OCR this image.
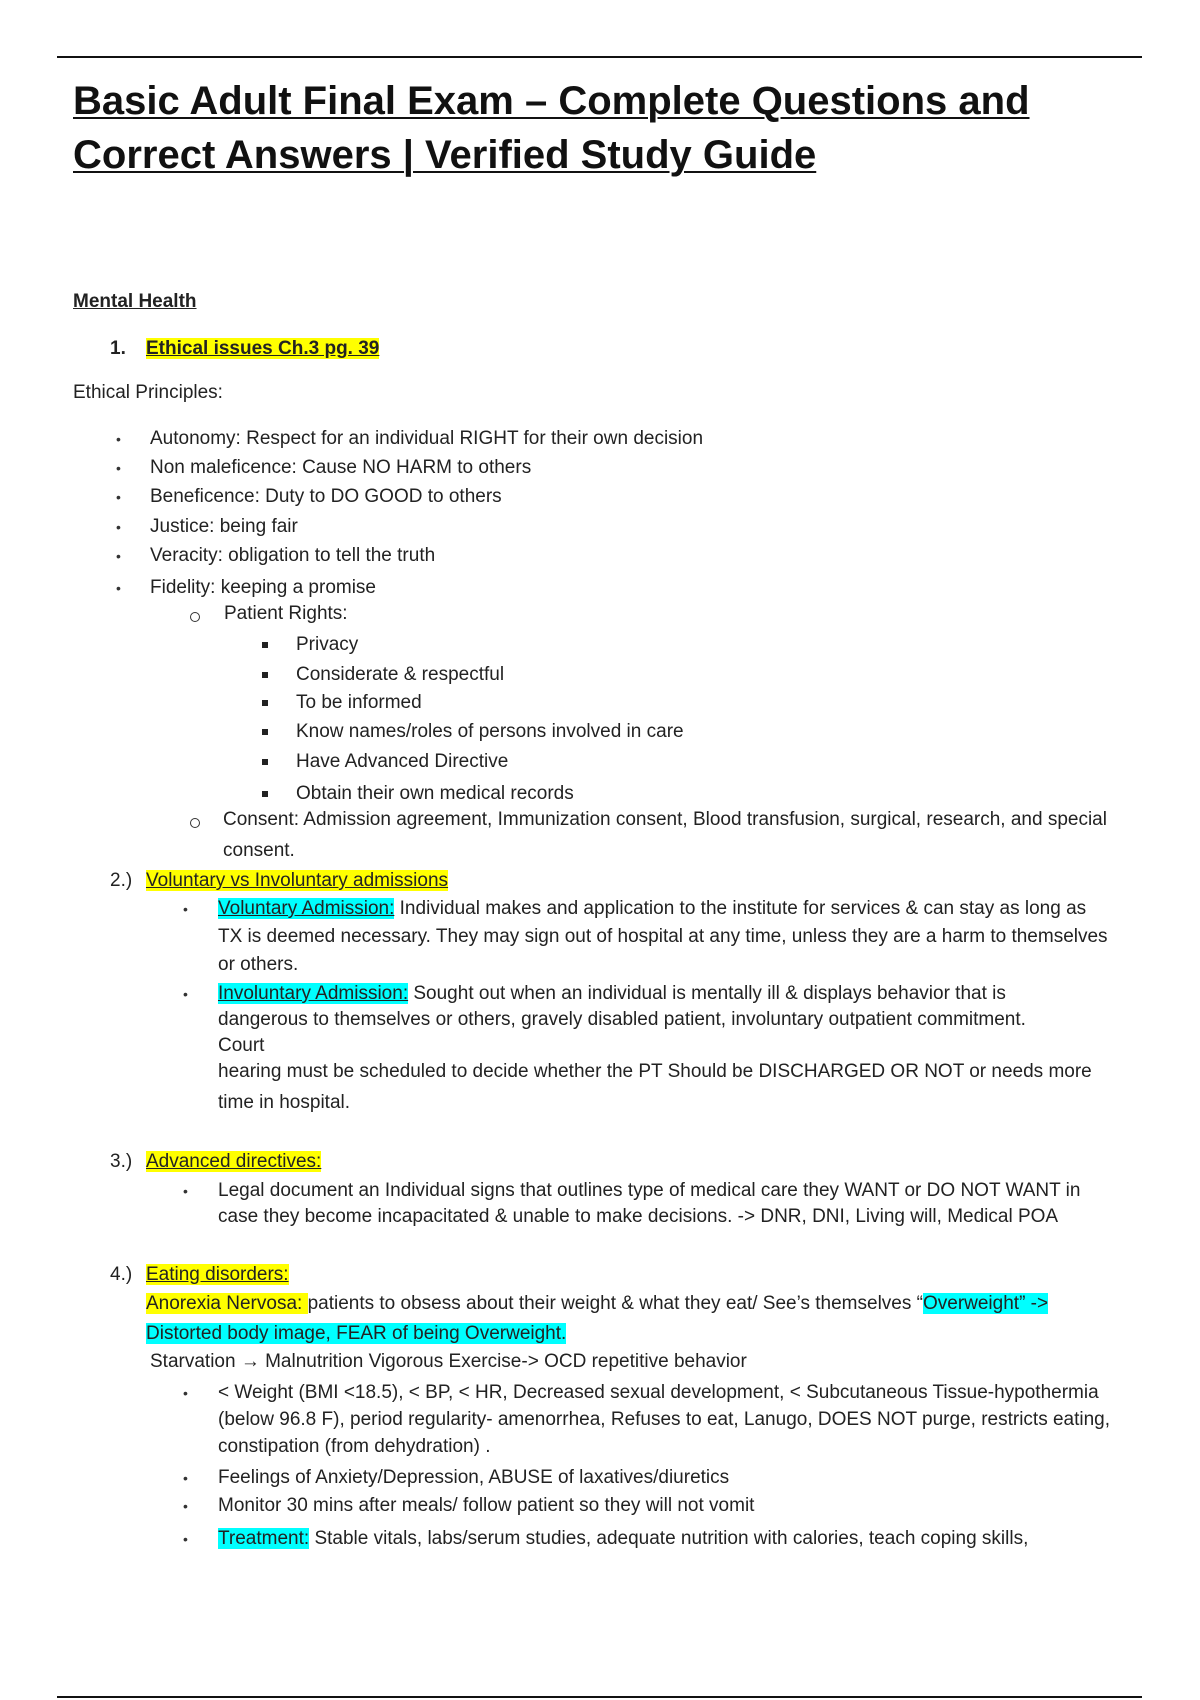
Basic Adult Final Exam – Complete Questions and Correct Answers | Verified Study Guide
Mental Health
1. Ethical issues Ch.3 pg. 39
Ethical Principles:
• Autonomy: Respect for an individual RIGHT for their own decision
• Non maleficence: Cause NO HARM to others
• Beneficence: Duty to DO GOOD to others
• Justice: being fair
• Veracity: obligation to tell the truth
• Fidelity: keeping a promise
Patient Rights:
Privacy
Considerate & respectful
To be informed
Know names/roles of persons involved in care
Have Advanced Directive
Obtain their own medical records
Consent: Admission agreement, Immunization consent, Blood transfusion, surgical, research, and special
consent.
2.) Voluntary vs Involuntary admissions
• Voluntary Admission: Individual makes and application to the institute for services & can stay as long as
TX is deemed necessary. They may sign out of hospital at any time, unless they are a harm to themselves
or others.
• Involuntary Admission: Sought out when an individual is mentally ill & displays behavior that is
dangerous to themselves or others, gravely disabled patient, involuntary outpatient commitment.
Court
hearing must be scheduled to decide whether the PT Should be DISCHARGED OR NOT or needs more
time in hospital.
3.) Advanced directives:
• Legal document an Individual signs that outlines type of medical care they WANT or DO NOT WANT in
case they become incapacitated & unable to make decisions. -> DNR, DNI, Living will, Medical POA
4.) Eating disorders:
Anorexia Nervosa: patients to obsess about their weight & what they eat/ See’s themselves “Overweight” ->
Distorted body image, FEAR of being Overweight.
Starvation → Malnutrition Vigorous Exercise-> OCD repetitive behavior
• < Weight (BMI <18.5), < BP, < HR, Decreased sexual development, < Subcutaneous Tissue-hypothermia
(below 96.8 F), period regularity- amenorrhea, Refuses to eat, Lanugo, DOES NOT purge, restricts eating,
constipation (from dehydration) .
• Feelings of Anxiety/Depression, ABUSE of laxatives/diuretics
• Monitor 30 mins after meals/ follow patient so they will not vomit
• Treatment: Stable vitals, labs/serum studies, adequate nutrition with calories, teach coping skills,
